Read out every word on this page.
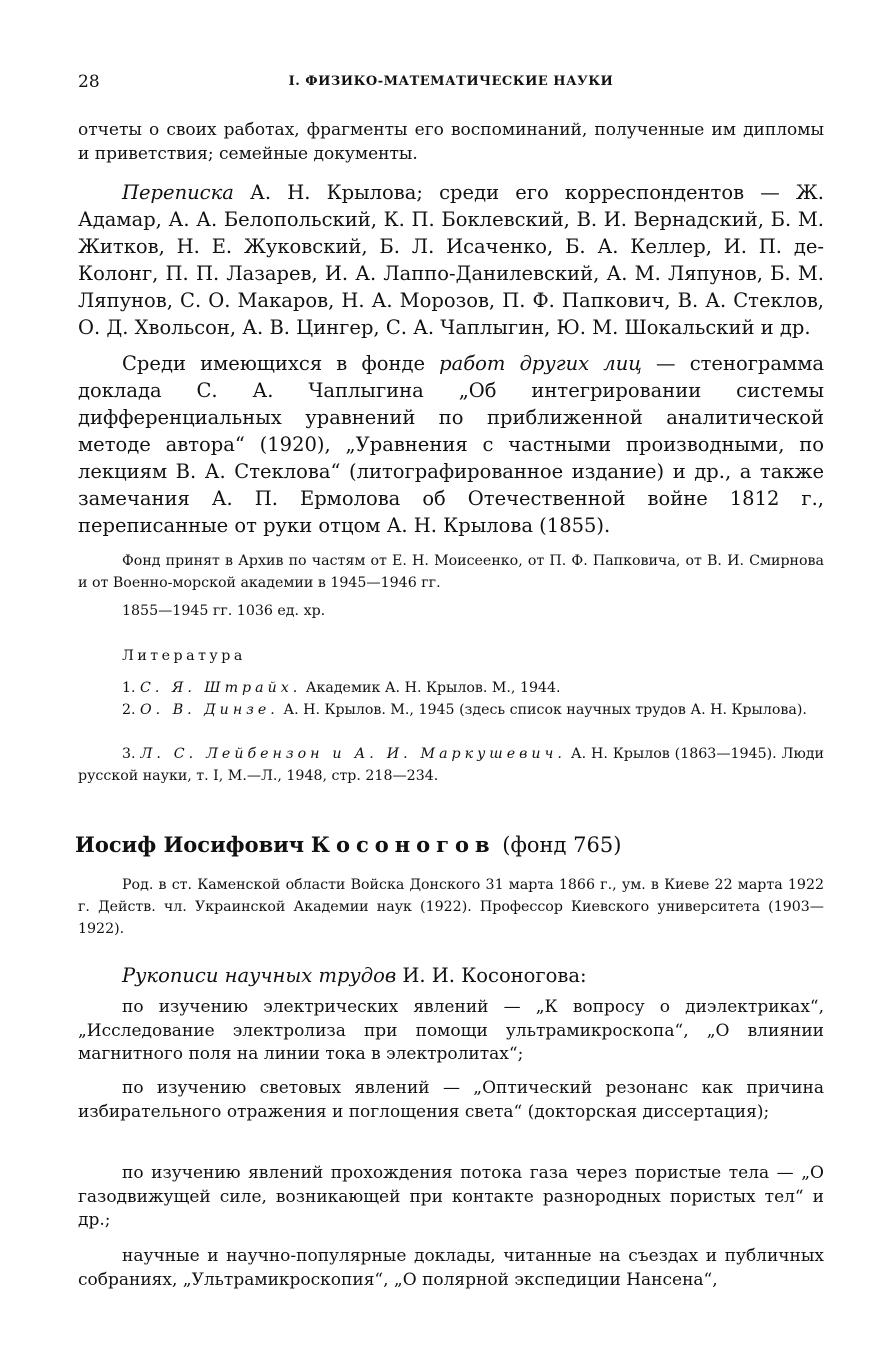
28	I. ФИЗИКО-МАТЕМАТИЧЕСКИЕ НАУКИ

отчеты о своих работах, фрагменты его воспоминаний, полученные им дипломы и приветствия; семейные документы.

Переписка А. Н. Крылова; среди его корреспондентов — Ж. Адамар, А. А. Белопольский, К. П. Боклевский, В. И. Вернадский, Б. М. Житков, Н. Е. Жуковский, Б. Л. Исаченко, Б. А. Келлер, И. П. де-Колонг, П. П. Лазарев, И. А. Лаппо-Данилевский, А. М. Ляпунов, Б. М. Ляпунов, С. О. Макаров, Н. А. Морозов, П. Ф. Папкович, В. А. Стеклов, О. Д. Хвольсон, А. В. Цингер, С. А. Чаплыгин, Ю. М. Шокальский и др.

Среди имеющихся в фонде работ других лиц — стенограмма доклада С. А. Чаплыгина „Об интегрировании системы дифференциальных уравнений по приближенной аналитической методе автора“ (1920), „Уравнения с частными производными, по лекциям В. А. Стеклова“ (литографированное издание) и др., а также замечания А. П. Ермолова об Отечественной войне 1812 г., переписанные от руки отцом А. Н. Крылова (1855).

Фонд принят в Архив по частям от Е. Н. Моисеенко, от П. Ф. Папковича, от В. И. Смирнова и от Военно-морской академии в 1945—1946 гг.

1855—1945 гг. 1036 ед. хр.

Литература

1. С. Я. Штрайх. Академик А. Н. Крылов. М., 1944.

2. О. В. Динзе. А. Н. Крылов. М., 1945 (здесь список научных трудов А. Н. Крылова).

3. Л. С. Лейбензон и А. И. Маркушевич. А. Н. Крылов (1863—1945). Люди русской науки, т. I, М.—Л., 1948, стр. 218—234.

Иосиф Иосифович Косоногов (фонд 765)

Род. в ст. Каменской области Войска Донского 31 марта 1866 г., ум. в Киеве 22 марта 1922 г. Действ. чл. Украинской Академии наук (1922). Профессор Киевского университета (1903—1922).

Рукописи научных трудов И. И. Косоногова:

по изучению электрических явлений — „К вопросу о диэлектриках“, „Исследование электролиза при помощи ультрамикроскопа“, „О влиянии магнитного поля на линии тока в электролитах“;

по изучению световых явлений — „Оптический резонанс как причина избирательного отражения и поглощения света“ (докторская диссертация);

по изучению явлений прохождения потока газа через пористые тела — „О газодвижущей силе, возникающей при контакте разнородных пористых тел“ и др.;

научные и научно-популярные доклады, читанные на съездах и публичных собраниях, „Ультрамикроскопия“, „О полярной экспедиции Нансена“,
